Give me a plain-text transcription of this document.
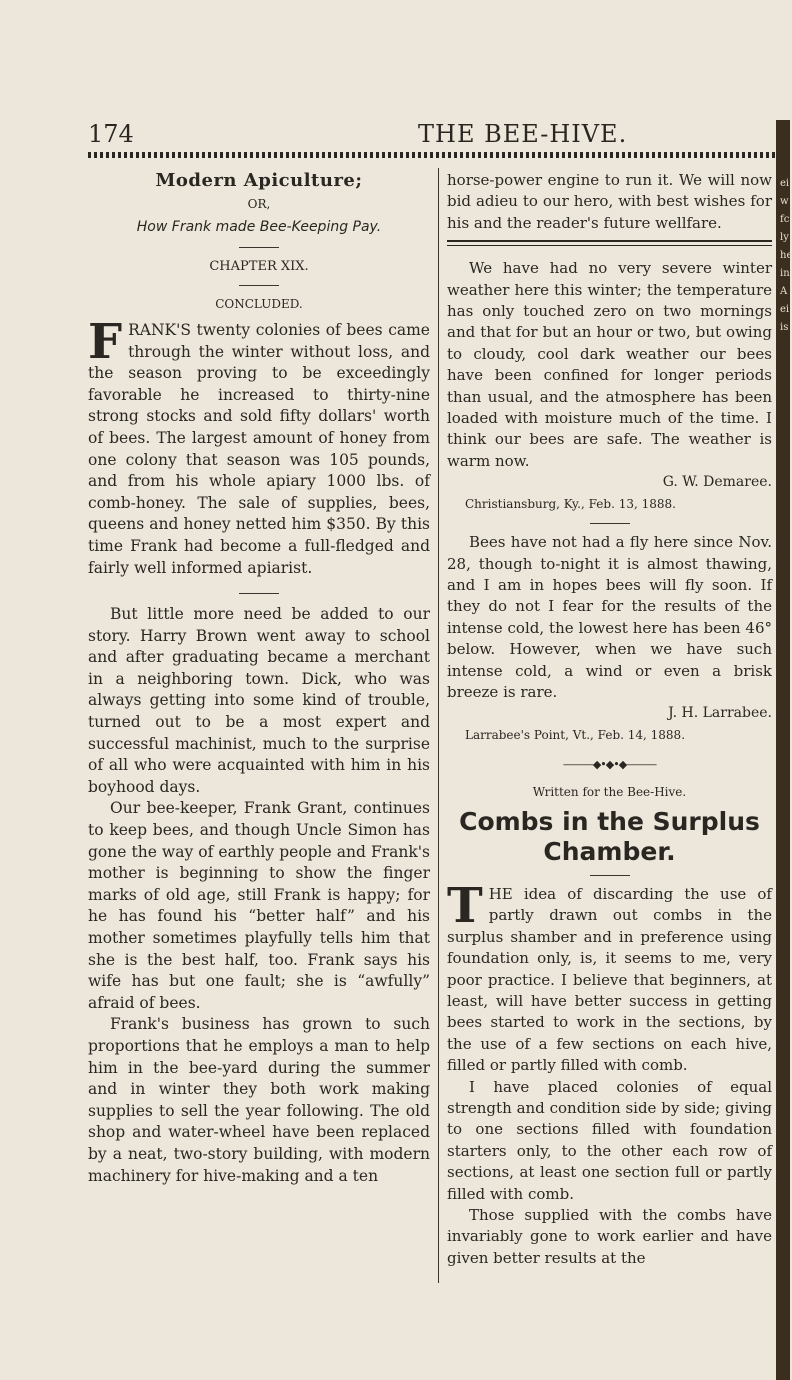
ei
w
fc
ly
he
in
A
ei
is
174	THE BEE-HIVE.
Modern Apiculture;
OR,
How Frank made Bee-Keeping Pay.
CHAPTER XIX.
CONCLUDED.

F RANK'S twenty colonies of bees came through the winter without loss, and the season proving to be exceedingly favorable he increased to thirty-nine strong stocks and sold fifty dollars' worth of bees. The largest amount of honey from one colony that season was 105 pounds, and from his whole apiary 1000 lbs. of comb-honey. The sale of supplies, bees, queens and honey netted him $350. By this time Frank had become a full-fledged and fairly well informed apiarist.

But little more need be added to our story. Harry Brown went away to school and after graduating became a merchant in a neighboring town. Dick, who was always getting into some kind of trouble, turned out to be a most expert and successful machinist, much to the surprise of all who were acquainted with him in his boyhood days.

Our bee-keeper, Frank Grant, continues to keep bees, and though Uncle Simon has gone the way of earthly people and Frank's mother is beginning to show the finger marks of old age, still Frank is happy; for he has found his “better half” and his mother sometimes playfully tells him that she is the best half, too. Frank says his wife has but one fault; she is “awfully” afraid of bees.

Frank's business has grown to such proportions that he employs a man to help him in the bee-yard during the summer and in winter they both work making supplies to sell the year following. The old shop and water-wheel have been replaced by a neat, two-story building, with modern machinery for hive-making and a ten

horse-power engine to run it. We will now bid adieu to our hero, with best wishes for his and the reader's future wellfare.

We have had no very severe winter weather here this winter; the temperature has only touched zero on two mornings and that for but an hour or two, but owing to cloudy, cool dark weather our bees have been confined for longer periods than usual, and the atmosphere has been loaded with moisture much of the time. I think our bees are safe. The weather is warm now.

G. W. Demaree.
Christiansburg, Ky., Feb. 13, 1888.

Bees have not had a fly here since Nov. 28, though to-night it is almost thawing, and I am in hopes bees will fly soon. If they do not I fear for the results of the intense cold, the lowest here has been 46° below. However, when we have such intense cold, a wind or even a brisk breeze is rare.

J. H. Larrabee.
Larrabee's Point, Vt., Feb. 14, 1888.
———◆•◆•◆———
Written for the Bee-Hive.
Combs in the Surplus Chamber.

T HE idea of discarding the use of partly drawn out combs in the surplus shamber and in preference using foundation only, is, it seems to me, very poor practice. I believe that beginners, at least, will have better success in getting bees started to work in the sections, by the use of a few sections on each hive, filled or partly filled with comb.

I have placed colonies of equal strength and condition side by side; giving to one sections filled with foundation starters only, to the other each row of sections, at least one section full or partly filled with comb.

Those supplied with the combs have invariably gone to work earlier and have given better results at the
